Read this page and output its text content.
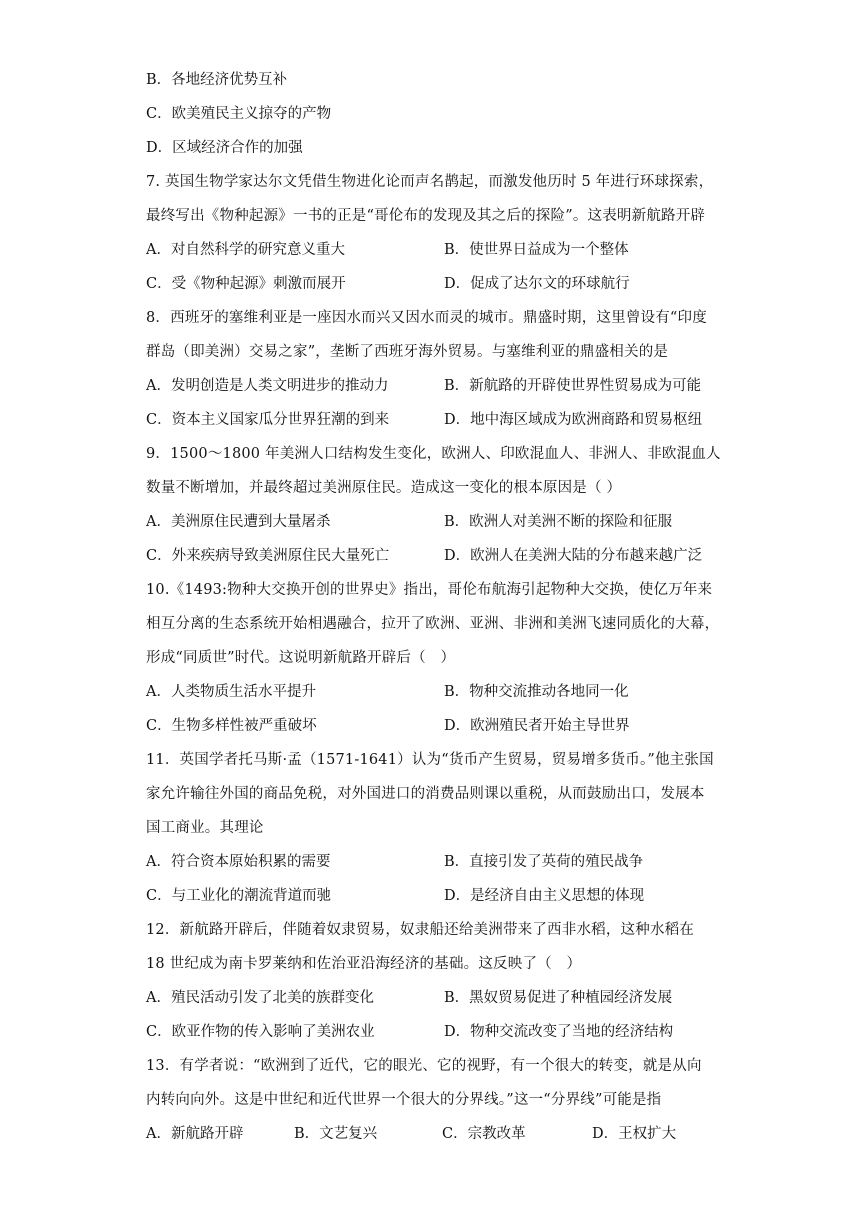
B．各地经济优势互补
C．欧美殖民主义掠夺的产物
D．区域经济合作的加强
7. 英国生物学家达尔文凭借生物进化论而声名鹊起，而激发他历时 5 年进行环球探索，
最终写出《物种起源》一书的正是“哥伦布的发现及其之后的探险”。这表明新航路开辟
A．对自然科学的研究意义重大	B．使世界日益成为一个整体
C．受《物种起源》刺激而展开	D．促成了达尔文的环球航行
8．西班牙的塞维利亚是一座因水而兴又因水而灵的城市。鼎盛时期，这里曾设有“印度
群岛（即美洲）交易之家”，垄断了西班牙海外贸易。与塞维利亚的鼎盛相关的是
A．发明创造是人类文明进步的推动力	B．新航路的开辟使世界性贸易成为可能
C．资本主义国家瓜分世界狂潮的到来	D．地中海区域成为欧洲商路和贸易枢纽
9．1500～1800 年美洲人口结构发生变化，欧洲人、印欧混血人、非洲人、非欧混血人
数量不断增加，并最终超过美洲原住民。造成这一变化的根本原因是（ ）
A．美洲原住民遭到大量屠杀	B．欧洲人对美洲不断的探险和征服
C．外来疾病导致美洲原住民大量死亡	D．欧洲人在美洲大陆的分布越来越广泛
10.《1493:物种大交换开创的世界史》指出，哥伦布航海引起物种大交换，使亿万年来
相互分离的生态系统开始相遇融合，拉开了欧洲、亚洲、非洲和美洲飞速同质化的大幕，
形成“同质世”时代。这说明新航路开辟后（　）
A．人类物质生活水平提升	B．物种交流推动各地同一化
C．生物多样性被严重破坏	D．欧洲殖民者开始主导世界
11．英国学者托马斯·孟（1571-1641）认为“货币产生贸易，贸易增多货币。”他主张国
家允许输往外国的商品免税，对外国进口的消费品则课以重税，从而鼓励出口，发展本
国工商业。其理论
A．符合资本原始积累的需要	B．直接引发了英荷的殖民战争
C．与工业化的潮流背道而驰	D．是经济自由主义思想的体现
12．新航路开辟后，伴随着奴隶贸易，奴隶船还给美洲带来了西非水稻，这种水稻在
18 世纪成为南卡罗莱纳和佐治亚沿海经济的基础。这反映了（　）
A．殖民活动引发了北美的族群变化	B．黑奴贸易促进了种植园经济发展
C．欧亚作物的传入影响了美洲农业	D．物种交流改变了当地的经济结构
13．有学者说：“欧洲到了近代，它的眼光、它的视野，有一个很大的转变，就是从向
内转向向外。这是中世纪和近代世界一个很大的分界线。”这一“分界线”可能是指
A．新航路开辟	B．文艺复兴	C．宗教改革	D．王权扩大
